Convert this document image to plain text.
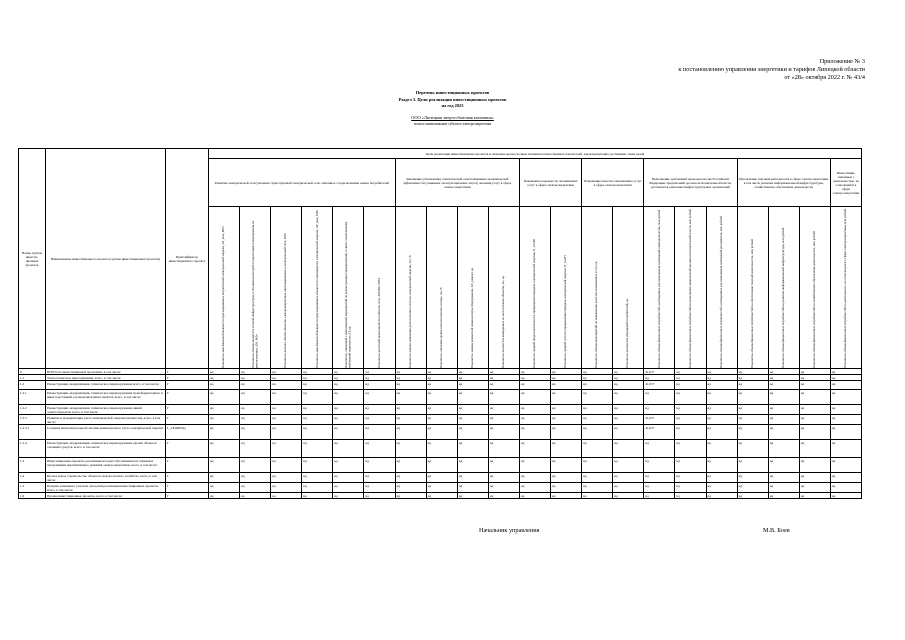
Приложение № 3
к постановлению управления энергетики и тарифов Липецкой области
от «28» октября 2022 г. № 43/4
Перечень инвестиционных проектов
Раздел 3. Цели реализации инвестиционных проектов
на год 2023
ООО «Липецкая энергосбытовая компания»
полное наименование субъекта электроэнергетики
Номер группы инвести-ционных проектов	Наименование инвестиционного проекта (группы инвестиционных проектов)	Идентификатор инвестиционного проекта	Цели реализации инвестиционных проектов и плановые краткосрочные значения количественных показателей, характеризующих достижение таких целей																				
			Развитие электрической сети/усиление существующей электрической сети, связанное с подключением новых потребителей						Замещение (обновление) электрической сети/повышение экономической эффективности (снижение эксплуатационных затрат) оказания услуг в сфере электроэнергетики				Повышение надежности оказываемых услуг в сфере электроэнергетики		Повышение качества оказываемых услуг в сфере электроэнергетики		Выполнение требований законодательства Российской Федерации, предписаний органов исполнительной власти, регламентов рыночных инфраструктурных организаций			Обеспечение текущей деятельности в сфере электроэнергетики, в том числе развитие информационной инфраструктуры, хозяйственное обеспечение деятельности			Инвестиции, связанные с деятельностью, не относящейся к сфере электроэнергетики

			Показатель максимальной мощности присоединяемых потребителей электрической энергии, ΔР_max, МВт	Показатель объема мощности сетевой инфраструктуры, в отношении которой осуществляются мероприятия по реконструкции, ΔМ, МВт	Показатель полного объема объектов электроэнергетики, присоединяемых к электрической сети, МВт	Показатель максимальной мощности присоединяемых объектов по производству электрической энергии, ΔР_max, МВт	Показатель, связанный с выполнением мероприятий по реконструкции (модернизации) в связи с выполнением требований надежности, ΔТ, ед.	Показатель расчетной пропускной способности сети, ΔΣМВА, МВА	Показатель оценки изменения доли полезного отпуска электрической энергии, ΔЭ, %	Показатель снижения уровня технологических потерь, Δп, %	Показатель замены ремонтной номенклатуры оборудования, ΔN_ремонт, ед.	Показатель количества выведенных из эксплуатации объектов, ΔL, ед.	Показатель средней продолжительности прекращения передачи электрической энергии, П_SAIDI	Показатель средней частоты прекращения передачи электрической энергии, П_SAIFI	Показатель объема мероприятий по повышению качества оказываемых услуг, ед.	Показатель количества обращений потребителей, ед.	Показатель объема финансовых потребностей, необходимых для выполнения требований законодательства, млн рублей	Показатель объема финансовых потребностей на выполнение предписаний органов исполнительной власти, млн рублей	Показатель объема финансовых потребностей, необходимых для выполнения требований регламентов, млн рублей	Показатель объема финансовых потребностей на обеспечение текущей деятельности, млн рублей	Показатель объема финансовых потребностей на развитие информационной инфраструктуры, млн рублей	Показатель объема финансовых потребностей на хозяйственное обеспечение деятельности, млн рублей	Показатель объема финансовых потребностей на деятельность, не относящуюся к сфере электроэнергетики, млн рублей

0	ВСЕГО по инвестиционной программе, в том числе:	Г	нд	нд	нд	нд	нд	нд	нд	нд	нд	нд	нд	нд	нд	нд	41,057	нд	нд	нд	нд	нд	нд
1.1	Технологическое присоединение, всего, в том числе:	Г	нд	нд	нд	нд	нд	нд	нд	нд	нд	нд	нд	нд	нд	нд	нд	нд	нд	нд	нд	нд	нд
1.2	Реконструкция, модернизация, техническое перевооружение всего, в том числе:	Г	нд	нд	нд	нд	нд	нд	нд	нд	нд	нд	нд	нд	нд	нд	41,057	нд	нд	нд	нд	нд	нд
1.2.1	Реконструкция, модернизация, техническое перевооружение трансформаторных и иных подстанций, распределительных пунктов, всего, в том числе:	Г	нд	нд	нд	нд	нд	нд	нд	нд	нд	нд	нд	нд	нд	нд	нд	нд	нд	нд	нд	нд	нд
1.2.2	Реконструкция, модернизация, техническое перевооружение линий электропередачи, всего, в том числе:	Г	нд	нд	нд	нд	нд	нд	нд	нд	нд	нд	нд	нд	нд	нд	нд	нд	нд	нд	нд	нд	нд
1.2.3	Развитие и модернизация учета электрической энергии (мощности), всего, в том числе:	Г	нд	нд	нд	нд	нд	нд	нд	нд	нд	нд	нд	нд	нд	нд	41,057	нд	нд	нд	нд	нд	нд
1.2.3.1	Создание интеллектуальной системы коммерческого учета электрической энергии	L_LEsk6052q	нд	нд	нд	нд	нд	нд	нд	нд	нд	нд	нд	нд	нд	нд	41,057	нд	нд	нд	нд	нд	нд
1.2.4	Реконструкция, модернизация, техническое перевооружение прочих объектов основных средств, всего, в том числе:	Г	нд	нд	нд	нд	нд	нд	нд	нд	нд	нд	нд	нд	нд	нд	нд	нд	нд	нд	нд	нд	нд
1.3	Инвестиционные проекты, реализация которых обуславливается схемами и программами перспективного развития электроэнергетики, всего, в том числе:	Г	нд	нд	нд	нд	нд	нд	нд	нд	нд	нд	нд	нд	нд	нд	нд	нд	нд	нд	нд	нд	нд
1.4	Прочее новое строительство объектов электросетевого хозяйства, всего, в том числе:	Г	нд	нд	нд	нд	нд	нд	нд	нд	нд	нд	нд	нд	нд	нд	нд	нд	нд	нд	нд	нд	нд
1.5	Покупка земельных участков для целей реализации инвестиционных проектов, всего, в том числе:	Г	нд	нд	нд	нд	нд	нд	нд	нд	нд	нд	нд	нд	нд	нд	нд	нд	нд	нд	нд	нд	нд
1.6	Прочие инвестиционные проекты, всего, в том числе:	Г	нд	нд	нд	нд	нд	нд	нд	нд	нд	нд	нд	нд	нд	нд	нд	нд	нд	нд	нд	нд	нд
Начальник управления	М.В. Боев
